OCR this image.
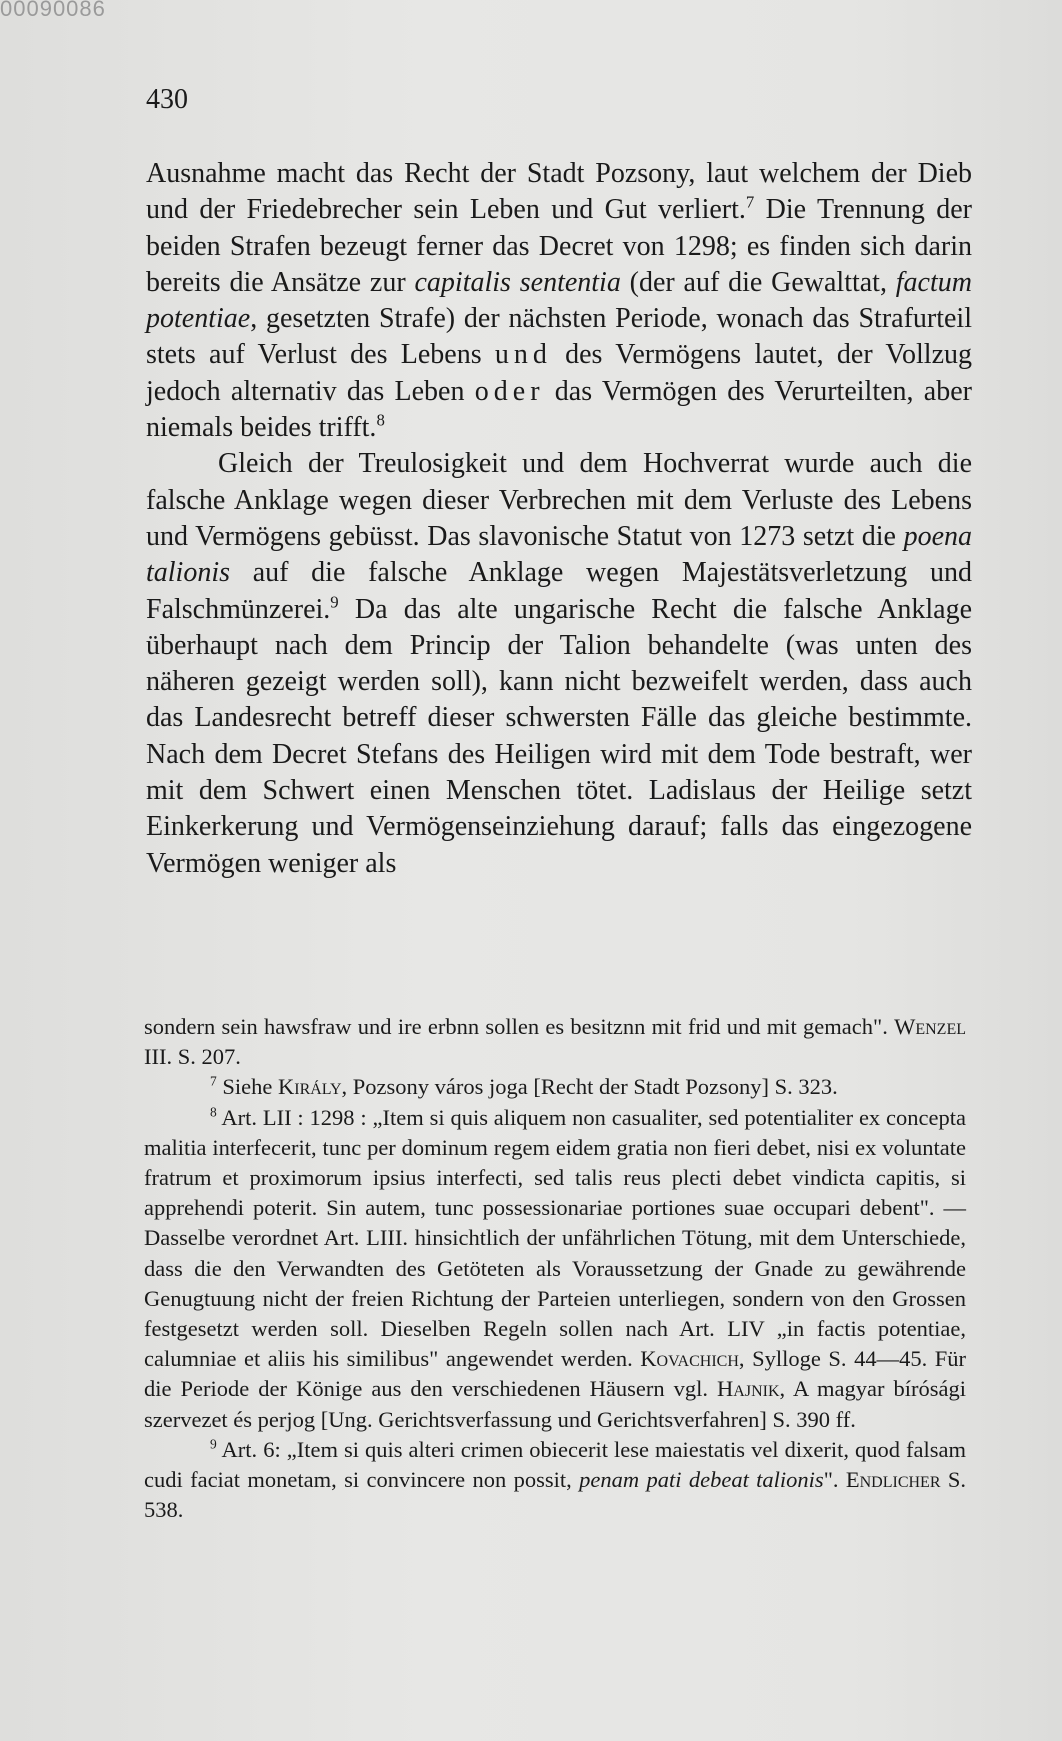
00090086
430

Ausnahme macht das Recht der Stadt Pozsony, laut welchem der Dieb und der Friedebrecher sein Leben und Gut verliert.$^7$ Die Trennung der beiden Strafen bezeugt ferner das Decret von 1298; es finden sich darin bereits die Ansätze zur capitalis sententia (der auf die Gewalttat, factum potentiae, gesetzten Strafe) der nächsten Periode, wonach das Strafurteil stets auf Verlust des Lebens und des Vermögens lautet, der Vollzug jedoch alternativ das Leben oder das Vermögen des Verurteilten, aber niemals beides trifft.$^8$

Gleich der Treulosigkeit und dem Hochverrat wurde auch die falsche Anklage wegen dieser Verbrechen mit dem Verluste des Lebens und Vermögens gebüsst. Das slavonische Statut von 1273 setzt die poena talionis auf die falsche Anklage wegen Majestätsverletzung und Falschmünzerei.$^9$ Da das alte ungarische Recht die falsche Anklage überhaupt nach dem Princip der Talion behandelte (was unten des näheren gezeigt werden soll), kann nicht bezweifelt werden, dass auch das Landesrecht betreff dieser schwersten Fälle das gleiche bestimmte. Nach dem Decret Stefans des Heiligen wird mit dem Tode bestraft, wer mit dem Schwert einen Menschen tötet. Ladislaus der Heilige setzt Einkerkerung und Vermögenseinziehung darauf; falls das eingezogene Vermögen weniger als

sondern sein hawsfraw und ire erbnn sollen es besitznn mit frid und mit gemach". Wenzel III. S. 207.

$^7$ Siehe Király, Pozsony város joga [Recht der Stadt Pozsony] S. 323.

$^8$ Art. LII : 1298 : „Item si quis aliquem non casualiter, sed potentialiter ex concepta malitia interfecerit, tunc per dominum regem eidem gratia non fieri debet, nisi ex voluntate fratrum et proximorum ipsius interfecti, sed talis reus plecti debet vindicta capitis, si apprehendi poterit. Sin autem, tunc possessionariae portiones suae occupari debent". — Dasselbe verordnet Art. LIII. hinsichtlich der unfährlichen Tötung, mit dem Unterschiede, dass die den Verwandten des Getöteten als Voraussetzung der Gnade zu gewährende Genugtuung nicht der freien Richtung der Parteien unterliegen, sondern von den Grossen festgesetzt werden soll. Dieselben Regeln sollen nach Art. LIV „in factis potentiae, calumniae et aliis his similibus" angewendet werden. Kovachich, Sylloge S. 44—45. Für die Periode der Könige aus den verschiedenen Häusern vgl. Hajnik, A magyar bírósági szervezet és perjog [Ung. Gerichtsverfassung und Gerichtsverfahren] S. 390 ff.

$^9$ Art. 6: „Item si quis alteri crimen obiecerit lese maiestatis vel dixerit, quod falsam cudi faciat monetam, si convincere non possit, penam pati debeat talionis". Endlicher S. 538.
